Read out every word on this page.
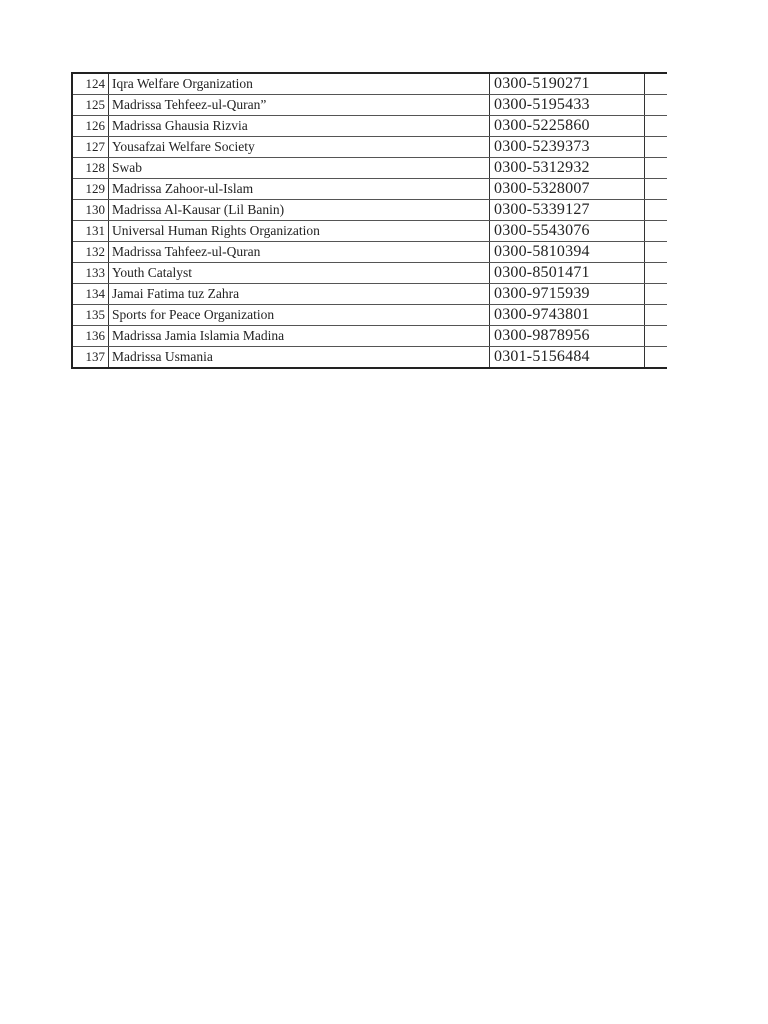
124	Iqra Welfare Organization	0300-5190271	
125	Madrissa Tehfeez-ul-Quran”	0300-5195433	
126	Madrissa Ghausia Rizvia	0300-5225860	
127	Yousafzai Welfare Society	0300-5239373	
128	Swab	0300-5312932	
129	Madrissa Zahoor-ul-Islam	0300-5328007	
130	Madrissa Al-Kausar (Lil Banin)	0300-5339127	
131	Universal Human Rights Organization	0300-5543076	
132	Madrissa Tahfeez-ul-Quran	0300-5810394	
133	Youth Catalyst	0300-8501471	
134	Jamai Fatima tuz Zahra	0300-9715939	
135	Sports for Peace Organization	0300-9743801	
136	Madrissa Jamia Islamia Madina	0300-9878956	
137	Madrissa Usmania	0301-5156484	
